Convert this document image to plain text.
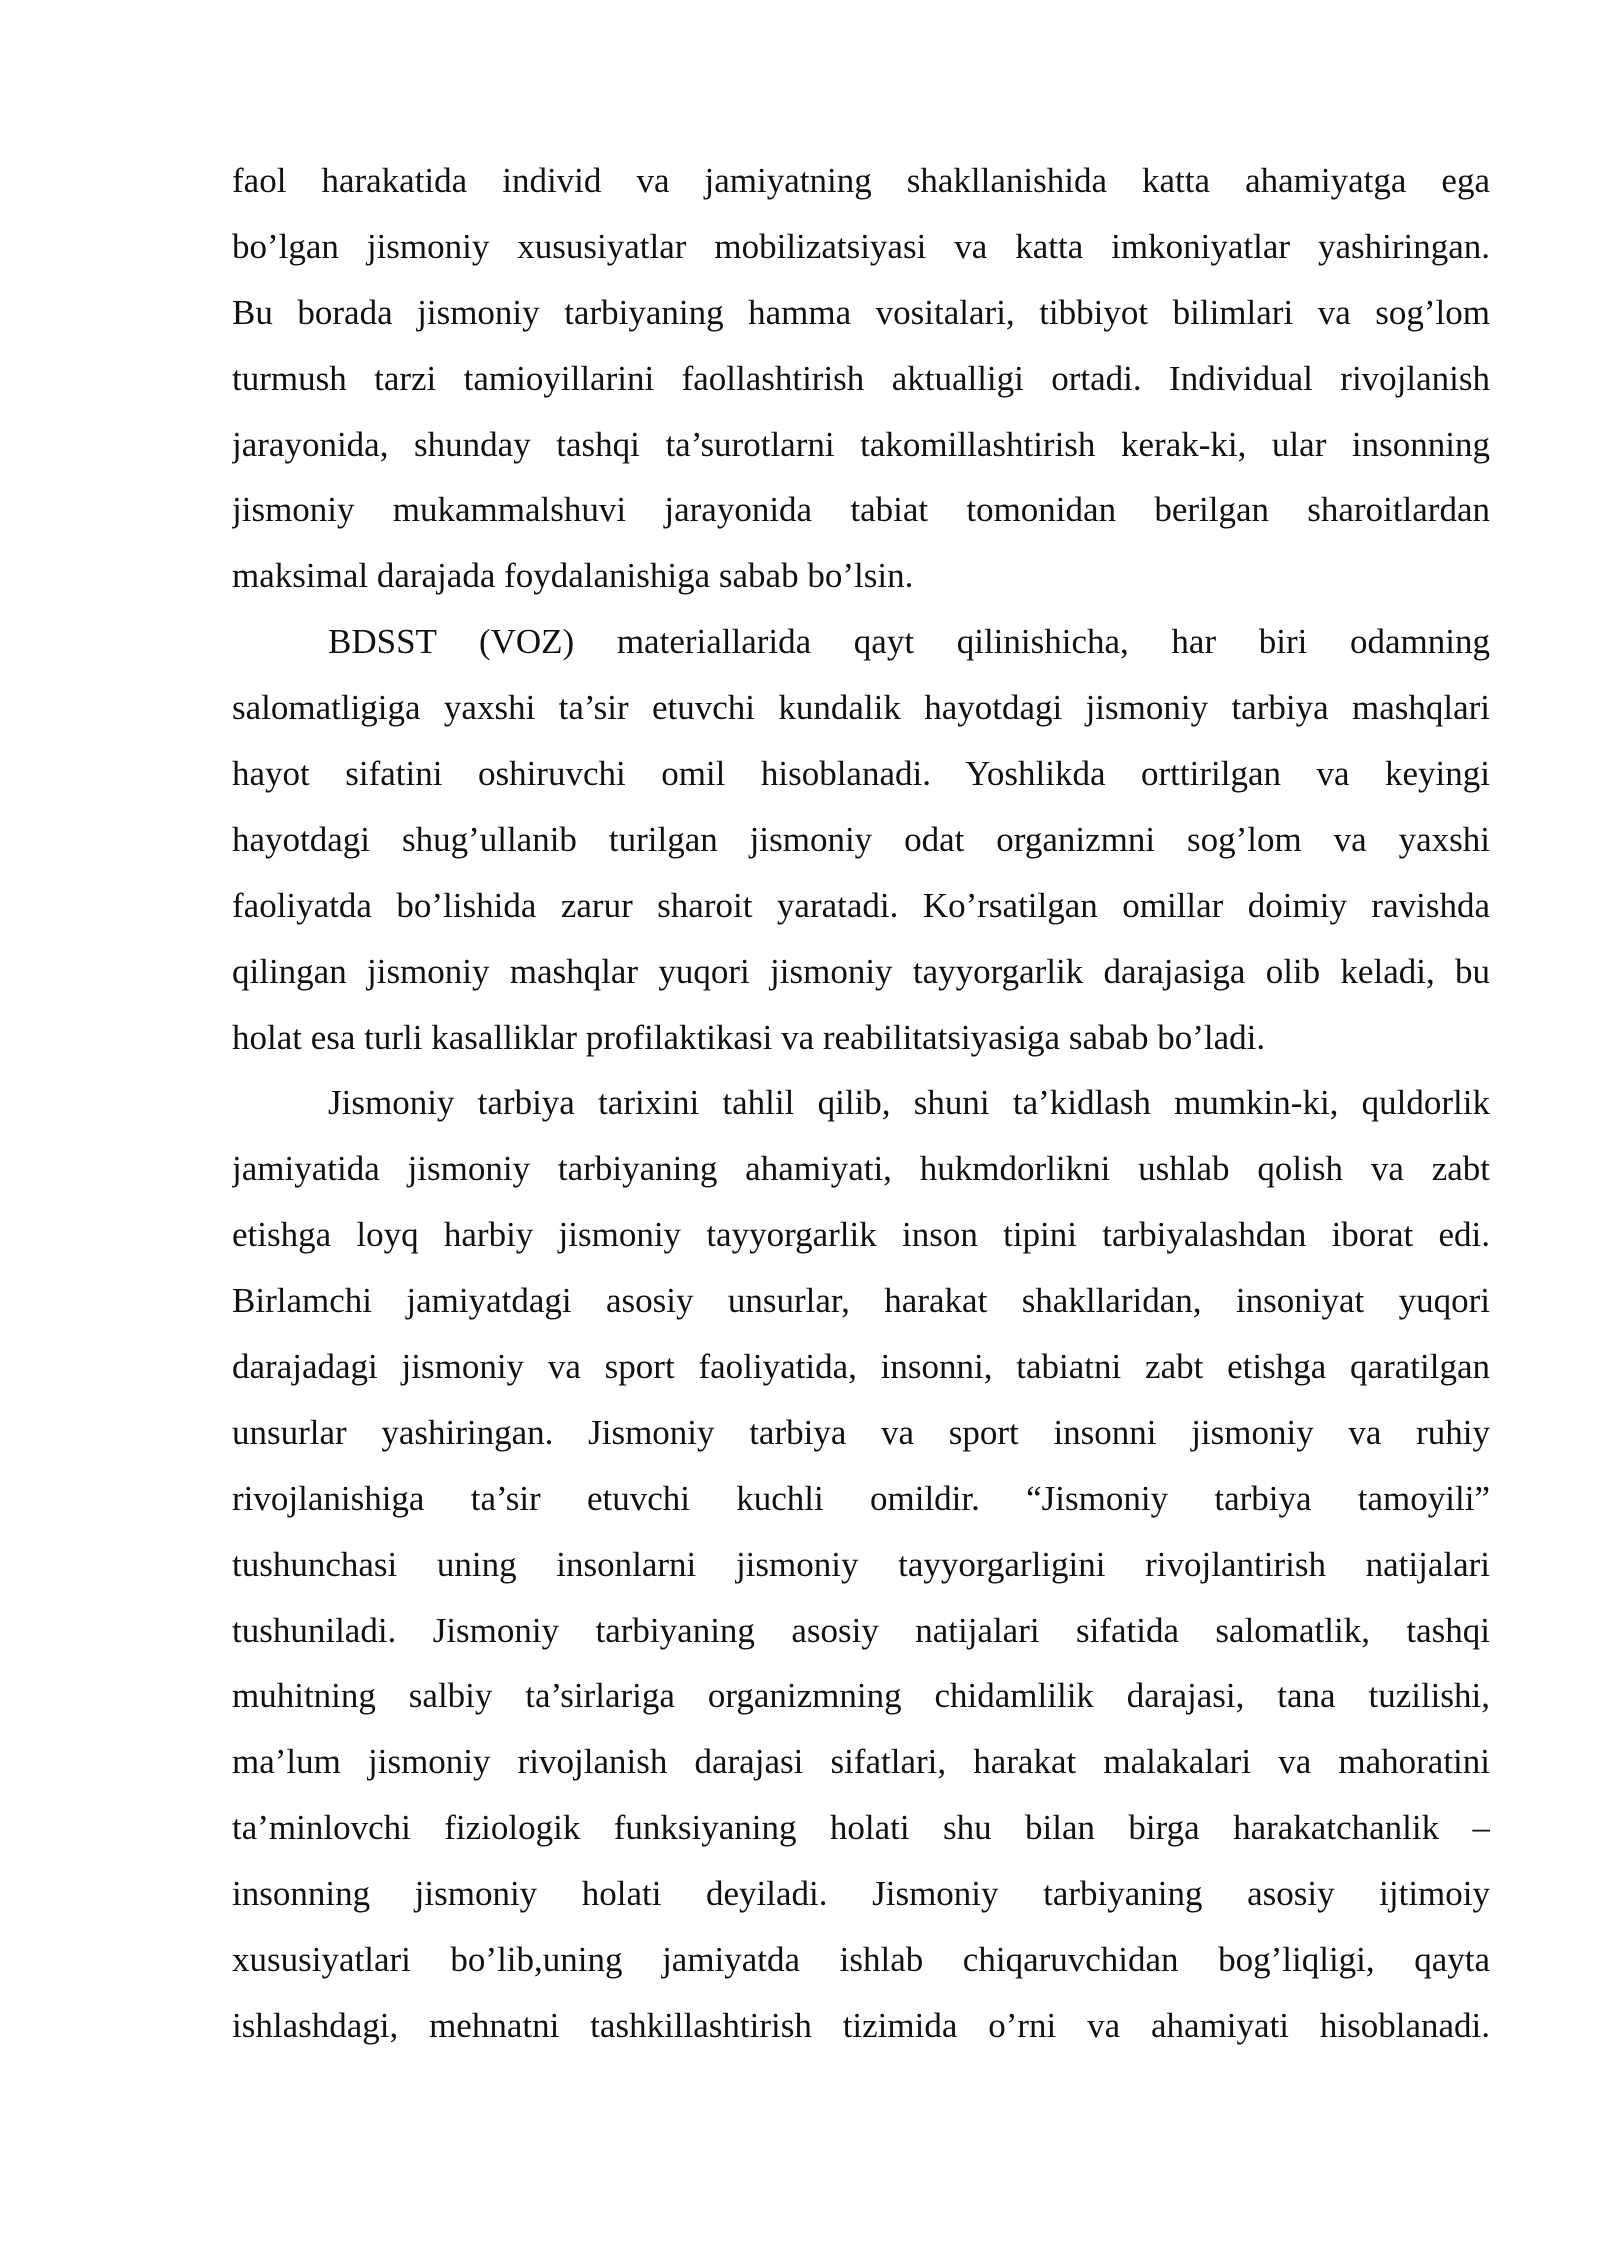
faol harakatida individ va jamiyatning shakllanishida katta ahamiyatga ega
bo’lgan jismoniy xususiyatlar mobilizatsiyasi va katta imkoniyatlar yashiringan.
Bu borada jismoniy tarbiyaning hamma vositalari, tibbiyot bilimlari va sog’lom
turmush tarzi tamioyillarini faollashtirish aktualligi ortadi. Individual rivojlanish
jarayonida, shunday tashqi ta’surotlarni takomillashtirish kerak-ki, ular insonning
jismoniy mukammalshuvi jarayonida tabiat tomonidan berilgan sharoitlardan
maksimal darajada foydalanishiga sabab bo’lsin.
BDSST (VOZ) materiallarida qayt qilinishicha, har biri odamning
salomatligiga yaxshi ta’sir etuvchi kundalik hayotdagi jismoniy tarbiya mashqlari
hayot sifatini oshiruvchi omil hisoblanadi. Yoshlikda orttirilgan va keyingi
hayotdagi shug’ullanib turilgan jismoniy odat organizmni sog’lom va yaxshi
faoliyatda bo’lishida zarur sharoit yaratadi. Ko’rsatilgan omillar doimiy ravishda
qilingan jismoniy mashqlar yuqori jismoniy tayyorgarlik darajasiga olib keladi, bu
holat esa turli kasalliklar profilaktikasi va reabilitatsiyasiga sabab bo’ladi.
Jismoniy tarbiya tarixini tahlil qilib, shuni ta’kidlash mumkin-ki, quldorlik
jamiyatida jismoniy tarbiyaning ahamiyati, hukmdorlikni ushlab qolish va zabt
etishga loyq harbiy jismoniy tayyorgarlik inson tipini tarbiyalashdan iborat edi.
Birlamchi jamiyatdagi asosiy unsurlar, harakat shakllaridan, insoniyat yuqori
darajadagi jismoniy va sport faoliyatida, insonni, tabiatni zabt etishga qaratilgan
unsurlar yashiringan. Jismoniy tarbiya va sport insonni jismoniy va ruhiy
rivojlanishiga ta’sir etuvchi kuchli omildir. “Jismoniy tarbiya tamoyili”
tushunchasi uning insonlarni jismoniy tayyorgarligini rivojlantirish natijalari
tushuniladi. Jismoniy tarbiyaning asosiy natijalari sifatida salomatlik, tashqi
muhitning salbiy ta’sirlariga organizmning chidamlilik darajasi, tana tuzilishi,
ma’lum jismoniy rivojlanish darajasi sifatlari, harakat malakalari va mahoratini
ta’minlovchi fiziologik funksiyaning holati shu bilan birga harakatchanlik –
insonning jismoniy holati deyiladi. Jismoniy tarbiyaning asosiy ijtimoiy
xususiyatlari bo’lib,uning jamiyatda ishlab chiqaruvchidan bog’liqligi, qayta
ishlashdagi, mehnatni tashkillashtirish tizimida o’rni va ahamiyati hisoblanadi.
